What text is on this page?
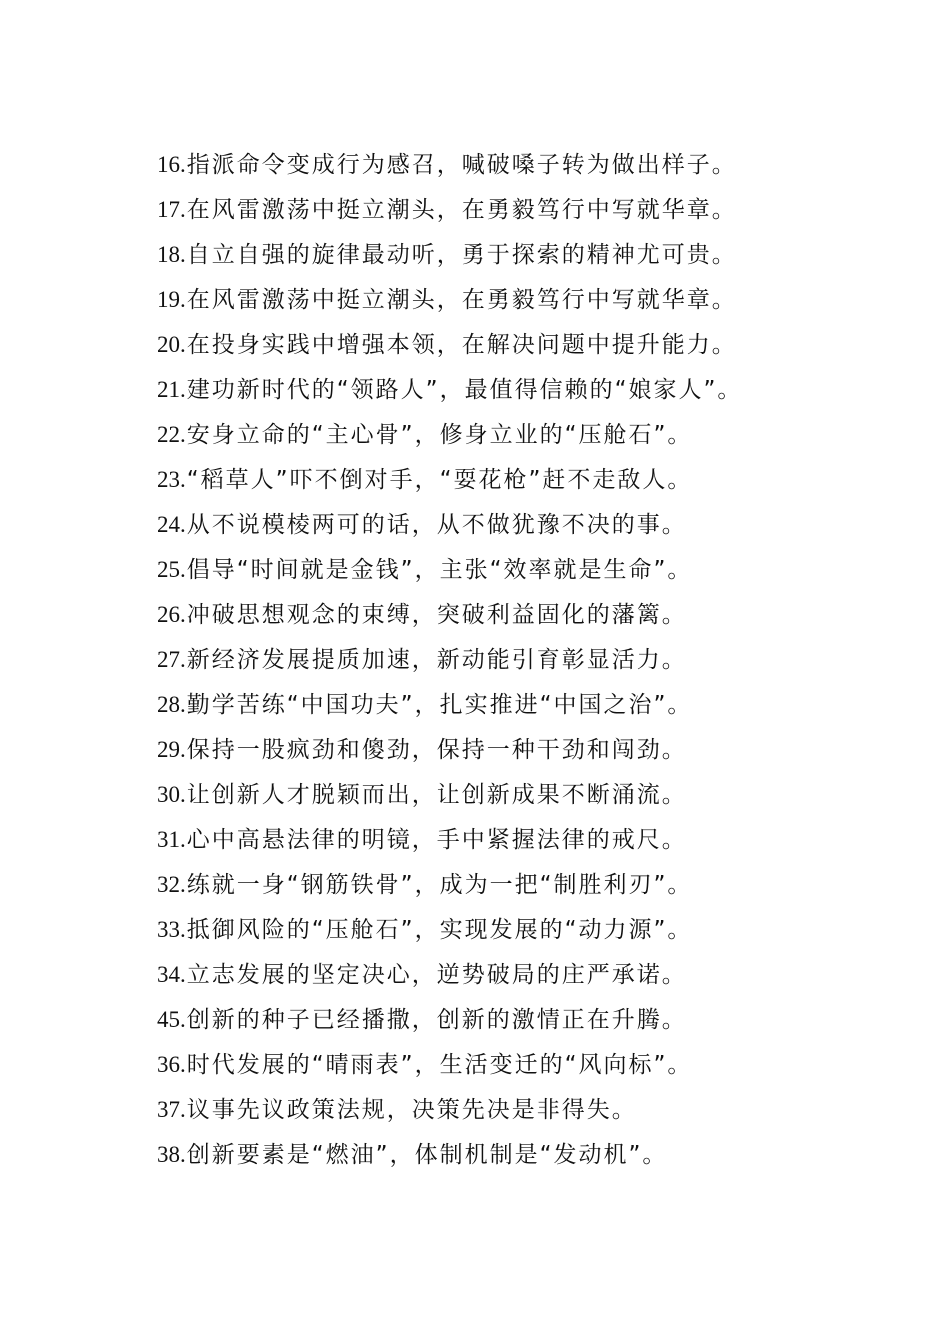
16.指派命令变成行为感召，喊破嗓子转为做出样子。
17.在风雷激荡中挺立潮头，在勇毅笃行中写就华章。
18.自立自强的旋律最动听，勇于探索的精神尤可贵。
19.在风雷激荡中挺立潮头，在勇毅笃行中写就华章。
20.在投身实践中增强本领，在解决问题中提升能力。
21.建功新时代的“领路人”，最值得信赖的“娘家人”。
22.安身立命的“主心骨”，修身立业的“压舱石”。
23.“稻草人”吓不倒对手，“耍花枪”赶不走敌人。
24.从不说模棱两可的话，从不做犹豫不决的事。
25.倡导“时间就是金钱”，主张“效率就是生命”。
26.冲破思想观念的束缚，突破利益固化的藩篱。
27.新经济发展提质加速，新动能引育彰显活力。
28.勤学苦练“中国功夫”，扎实推进“中国之治”。
29.保持一股疯劲和傻劲，保持一种干劲和闯劲。
30.让创新人才脱颖而出，让创新成果不断涌流。
31.心中高悬法律的明镜，手中紧握法律的戒尺。
32.练就一身“钢筋铁骨”，成为一把“制胜利刃”。
33.抵御风险的“压舱石”，实现发展的“动力源”。
34.立志发展的坚定决心，逆势破局的庄严承诺。
45.创新的种子已经播撒，创新的激情正在升腾。
36.时代发展的“晴雨表”，生活变迁的“风向标”。
37.议事先议政策法规，决策先决是非得失。
38.创新要素是“燃油”，体制机制是“发动机”。
